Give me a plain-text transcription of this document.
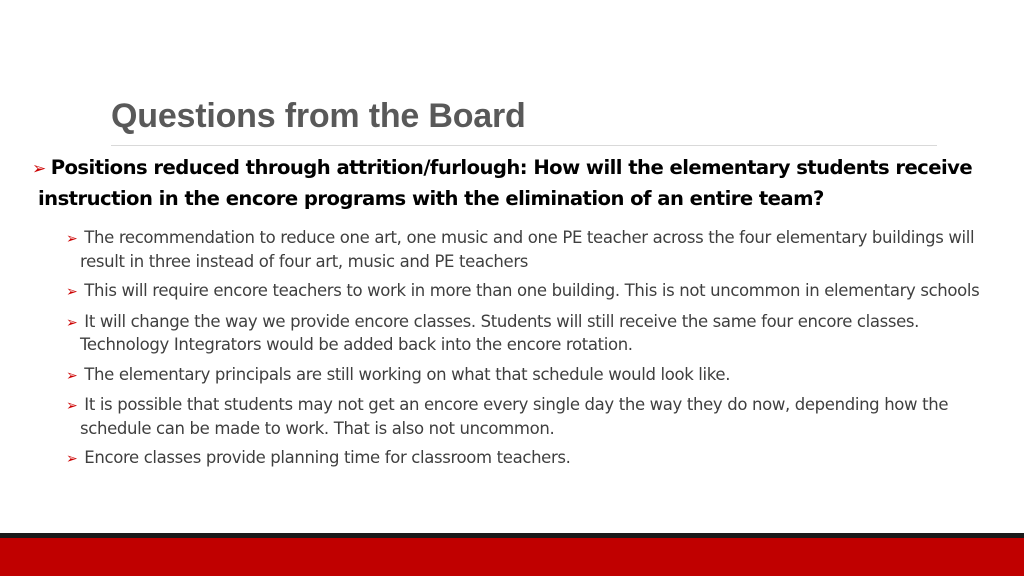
Questions from the Board
➢ Positions reduced through attrition/furlough: How will the elementary students receive instruction in the encore programs with the elimination of an entire team?
➢ The recommendation to reduce one art, one music and one PE teacher across the four elementary buildings will result in three instead of four art, music and PE teachers
➢ This will require encore teachers to work in more than one building. This is not uncommon in elementary schools
➢ It will change the way we provide encore classes. Students will still receive the same four encore classes. Technology Integrators would be added back into the encore rotation.
➢ The elementary principals are still working on what that schedule would look like.
➢ It is possible that students may not get an encore every single day the way they do now, depending how the schedule can be made to work. That is also not uncommon.
➢ Encore classes provide planning time for classroom teachers.
